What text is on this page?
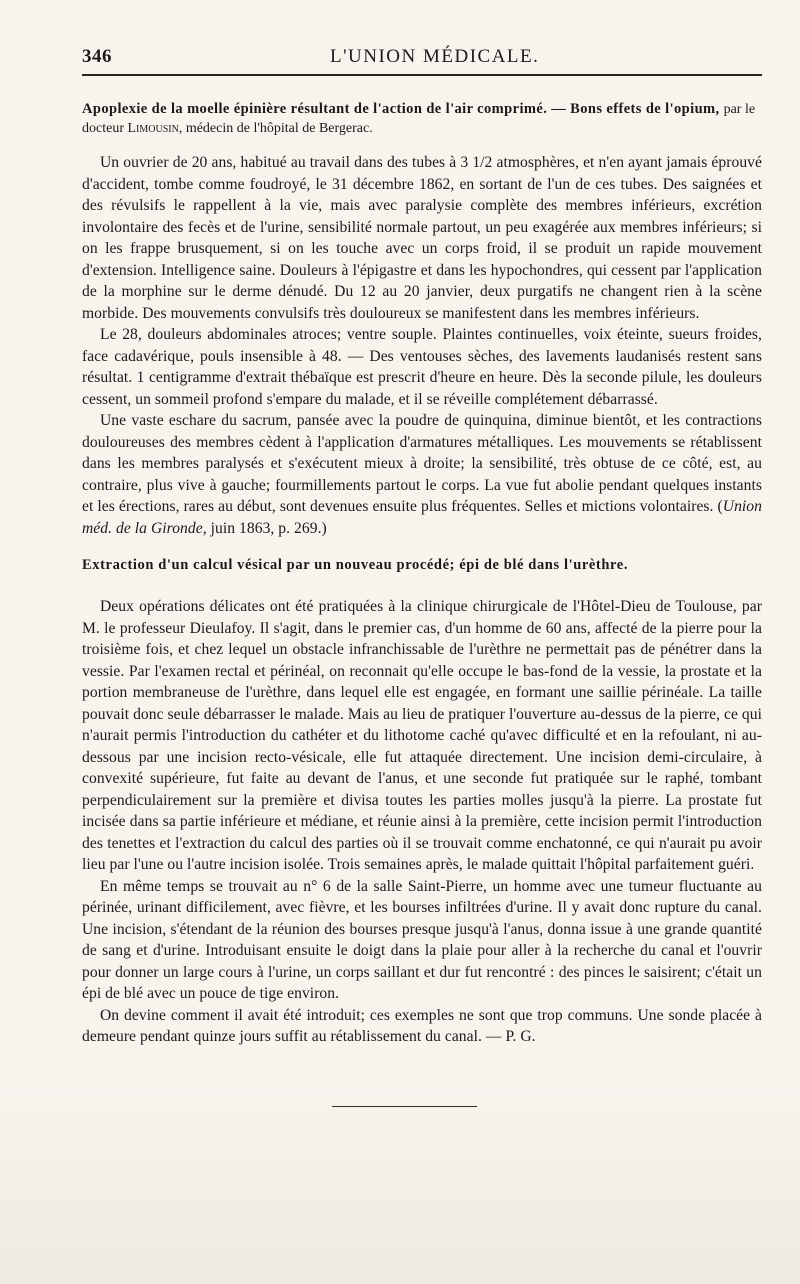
346	L'UNION MÉDICALE.
Apoplexie de la moelle épinière résultant de l'action de l'air comprimé. — Bons effets de l'opium, par le docteur Limousin, médecin de l'hôpital de Bergerac.

Un ouvrier de 20 ans, habitué au travail dans des tubes à 3 1/2 atmosphères, et n'en ayant jamais éprouvé d'accident, tombe comme foudroyé, le 31 décembre 1862, en sortant de l'un de ces tubes. Des saignées et des révulsifs le rappellent à la vie, mais avec paralysie complète des membres inférieurs, excrétion involontaire des fecès et de l'urine, sensibilité normale partout, un peu exagérée aux membres inférieurs; si on les frappe brusquement, si on les touche avec un corps froid, il se produit un rapide mouvement d'extension. Intelligence saine. Douleurs à l'épigastre et dans les hypochondres, qui cessent par l'application de la morphine sur le derme dénudé. Du 12 au 20 janvier, deux purgatifs ne changent rien à la scène morbide. Des mouvements convulsifs très douloureux se manifestent dans les membres inférieurs.

Le 28, douleurs abdominales atroces; ventre souple. Plaintes continuelles, voix éteinte, sueurs froides, face cadavérique, pouls insensible à 48. — Des ventouses sèches, des lavements laudanisés restent sans résultat. 1 centigramme d'extrait thébaïque est prescrit d'heure en heure. Dès la seconde pilule, les douleurs cessent, un sommeil profond s'empare du malade, et il se réveille complétement débarrassé.

Une vaste eschare du sacrum, pansée avec la poudre de quinquina, diminue bientôt, et les contractions douloureuses des membres cèdent à l'application d'armatures métalliques. Les mouvements se rétablissent dans les membres paralysés et s'exécutent mieux à droite; la sensibilité, très obtuse de ce côté, est, au contraire, plus vive à gauche; fourmillements partout le corps. La vue fut abolie pendant quelques instants et les érections, rares au début, sont devenues ensuite plus fréquentes. Selles et mictions volontaires. (Union méd. de la Gironde, juin 1863, p. 269.)

Extraction d'un calcul vésical par un nouveau procédé; épi de blé dans l'urèthre.

Deux opérations délicates ont été pratiquées à la clinique chirurgicale de l'Hôtel-Dieu de Toulouse, par M. le professeur Dieulafoy. Il s'agit, dans le premier cas, d'un homme de 60 ans, affecté de la pierre pour la troisième fois, et chez lequel un obstacle infranchissable de l'urèthre ne permettait pas de pénétrer dans la vessie. Par l'examen rectal et périnéal, on reconnait qu'elle occupe le bas-fond de la vessie, la prostate et la portion membraneuse de l'urèthre, dans lequel elle est engagée, en formant une saillie périnéale. La taille pouvait donc seule débarrasser le malade. Mais au lieu de pratiquer l'ouverture au-dessus de la pierre, ce qui n'aurait permis l'introduction du cathéter et du lithotome caché qu'avec difficulté et en la refoulant, ni au-dessous par une incision recto-vésicale, elle fut attaquée directement. Une incision demi-circulaire, à convexité supérieure, fut faite au devant de l'anus, et une seconde fut pratiquée sur le raphé, tombant perpendiculairement sur la première et divisa toutes les parties molles jusqu'à la pierre. La prostate fut incisée dans sa partie inférieure et médiane, et réunie ainsi à la première, cette incision permit l'introduction des tenettes et l'extraction du calcul des parties où il se trouvait comme enchatonné, ce qui n'aurait pu avoir lieu par l'une ou l'autre incision isolée. Trois semaines après, le malade quittait l'hôpital parfaitement guéri.

En même temps se trouvait au n° 6 de la salle Saint-Pierre, un homme avec une tumeur fluctuante au périnée, urinant difficilement, avec fièvre, et les bourses infiltrées d'urine. Il y avait donc rupture du canal. Une incision, s'étendant de la réunion des bourses presque jusqu'à l'anus, donna issue à une grande quantité de sang et d'urine. Introduisant ensuite le doigt dans la plaie pour aller à la recherche du canal et l'ouvrir pour donner un large cours à l'urine, un corps saillant et dur fut rencontré : des pinces le saisirent; c'était un épi de blé avec un pouce de tige environ.

On devine comment il avait été introduit; ces exemples ne sont que trop communs. Une sonde placée à demeure pendant quinze jours suffit au rétablissement du canal. — P. G.
